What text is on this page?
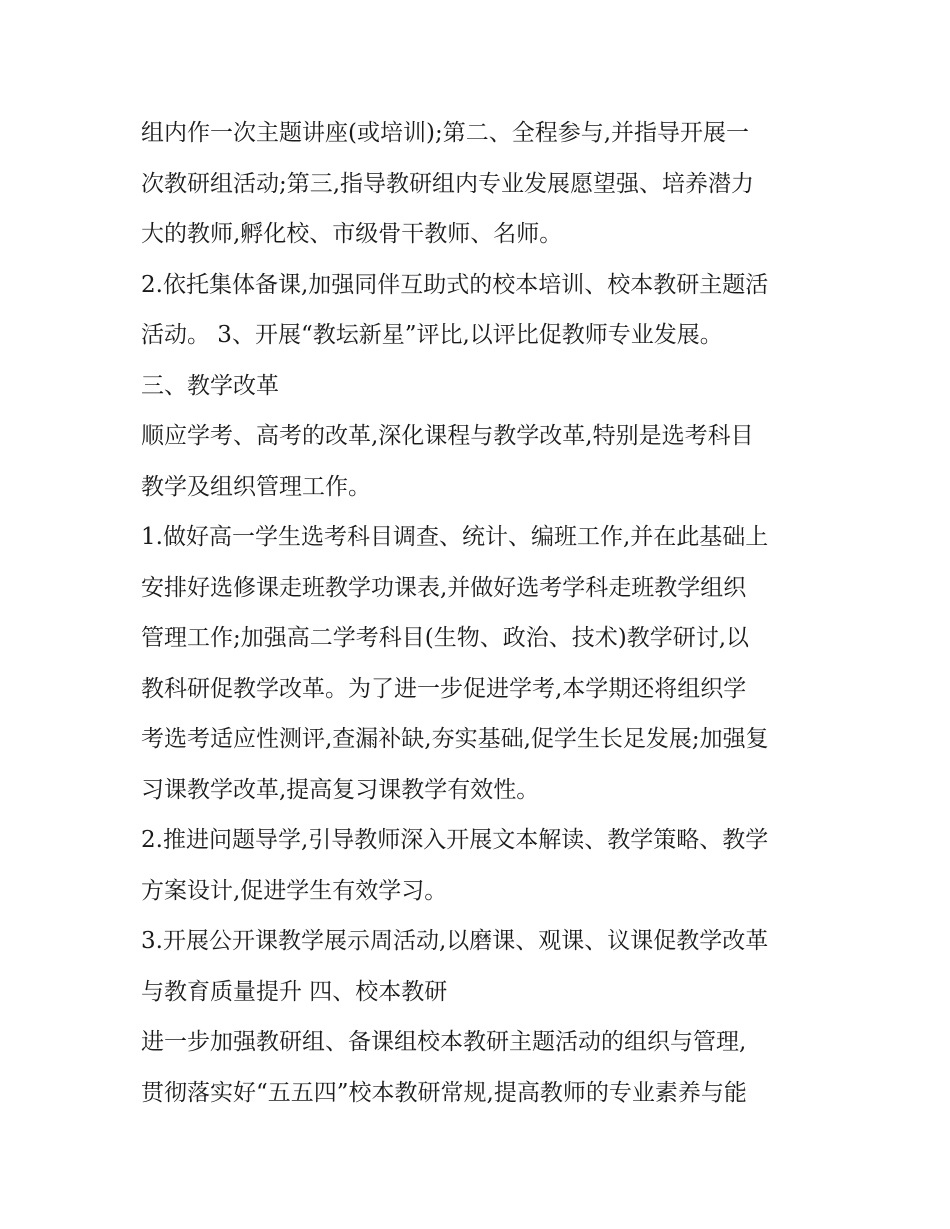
组内作一次主题讲座(或培训);第二、全程参与,并指导开展一
次教研组活动;第三,指导教研组内专业发展愿望强、培养潜力
大的教师,孵化校、市级骨干教师、名师。
2.依托集体备课,加强同伴互助式的校本培训、校本教研主题活
活动。 3、开展“教坛新星”评比,以评比促教师专业发展。
三、教学改革
顺应学考、高考的改革,深化课程与教学改革,特别是选考科目
教学及组织管理工作。
1.做好高一学生选考科目调查、统计、编班工作,并在此基础上
安排好选修课走班教学功课表,并做好选考学科走班教学组织
管理工作;加强高二学考科目(生物、政治、技术)教学研讨,以
教科研促教学改革。为了进一步促进学考,本学期还将组织学
考选考适应性测评,查漏补缺,夯实基础,促学生长足发展;加强复
习课教学改革,提高复习课教学有效性。
2.推进问题导学,引导教师深入开展文本解读、教学策略、教学
方案设计,促进学生有效学习。
3.开展公开课教学展示周活动,以磨课、观课、议课促教学改革
与教育质量提升 四、校本教研
进一步加强教研组、备课组校本教研主题活动的组织与管理,
贯彻落实好“五五四”校本教研常规,提高教师的专业素养与能
